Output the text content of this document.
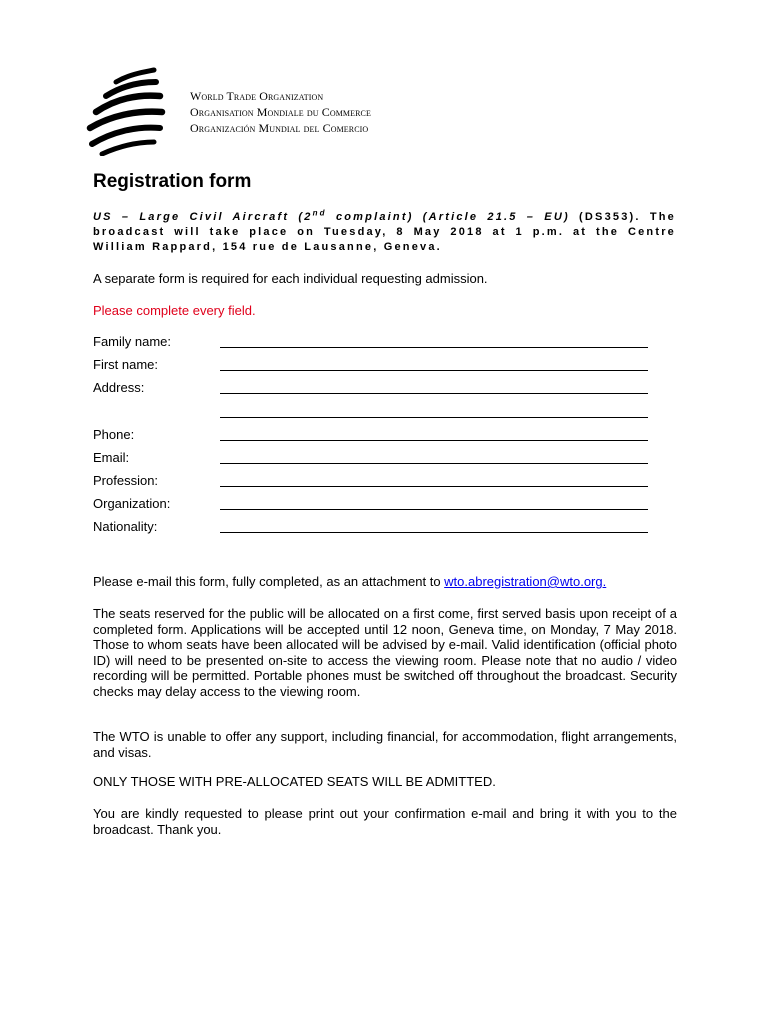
World Trade Organization
Organisation Mondiale du Commerce
Organización Mundial del Comercio
Registration form
US – Large Civil Aircraft (2nd complaint) (Article 21.5 – EU) (DS353). The broadcast will take place on Tuesday, 8 May 2018 at 1 p.m. at the Centre William Rappard, 154 rue de Lausanne, Geneva.

A separate form is required for each individual requesting admission.

Please complete every field.

Family name:
First name:
Address:
Phone:
Email:
Profession:
Organization:
Nationality:

Please e-mail this form, fully completed, as an attachment to wto.abregistration@wto.org.

The seats reserved for the public will be allocated on a first come, first served basis upon receipt of a completed form. Applications will be accepted until 12 noon, Geneva time, on Monday, 7 May 2018. Those to whom seats have been allocated will be advised by e-mail. Valid identification (official photo ID) will need to be presented on-site to access the viewing room. Please note that no audio / video recording will be permitted. Portable phones must be switched off throughout the broadcast. Security checks may delay access to the viewing room.

The WTO is unable to offer any support, including financial, for accommodation, flight arrangements, and visas.

ONLY THOSE WITH PRE-ALLOCATED SEATS WILL BE ADMITTED.

You are kindly requested to please print out your confirmation e-mail and bring it with you to the broadcast. Thank you.
